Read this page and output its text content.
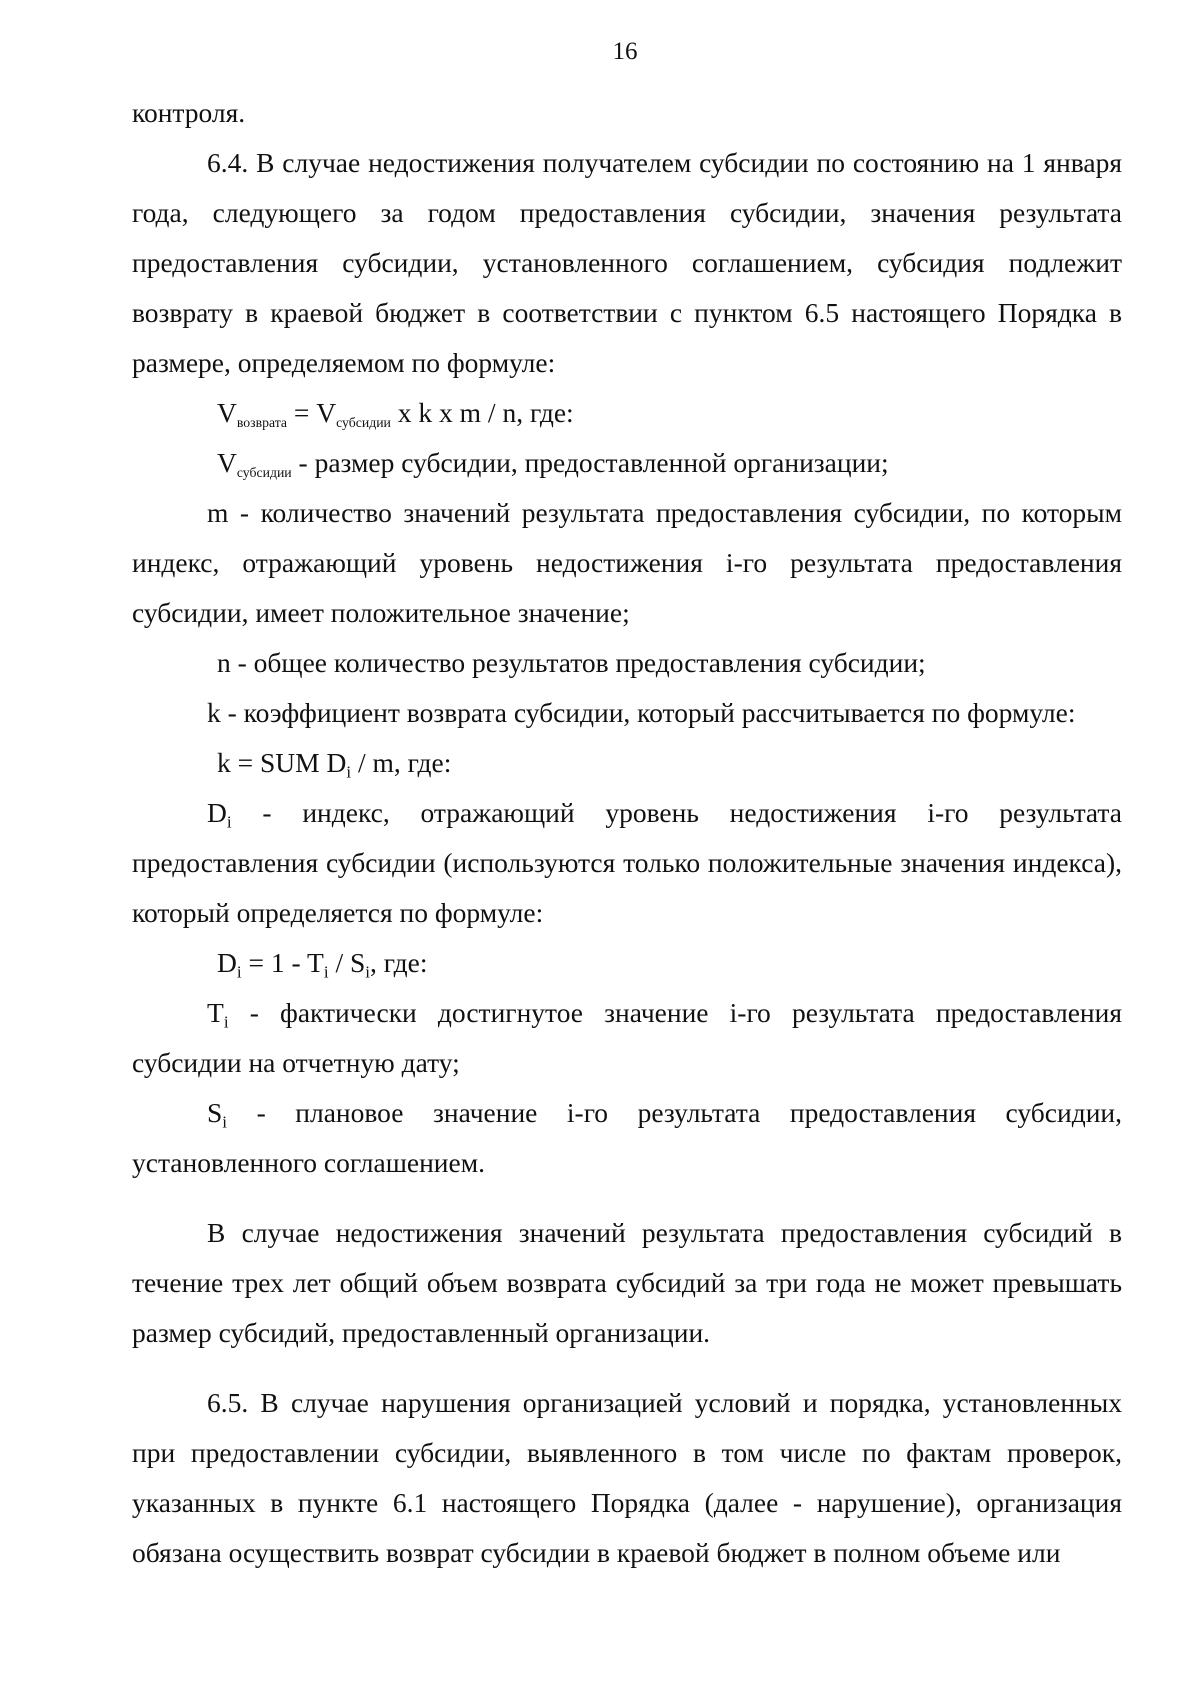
16

контроля.

6.4. В случае недостижения получателем субсидии по состоянию на 1 января года, следующего за годом предоставления субсидии, значения результата предоставления субсидии, установленного соглашением, субсидия подлежит возврату в краевой бюджет в соответствии с пунктом 6.5 настоящего Порядка в размере, определяемом по формуле:

Vвозврата = Vсубсидии x k x m / n, где:

Vсубсидии - размер субсидии, предоставленной организации;

m - количество значений результата предоставления субсидии, по которым индекс, отражающий уровень недостижения i-го результата предоставления субсидии, имеет положительное значение;

n - общее количество результатов предоставления субсидии;

k - коэффициент возврата субсидии, который рассчитывается по формуле:

k = SUM Di / m, где:

Di - индекс, отражающий уровень недостижения i-го результата предоставления субсидии (используются только положительные значения индекса), который определяется по формуле:

Di = 1 - Ti / Si, где:

Ti - фактически достигнутое значение i-го результата предоставления субсидии на отчетную дату;

Si - плановое значение i-го результата предоставления субсидии, установленного соглашением.

В случае недостижения значений результата предоставления субсидий в течение трех лет общий объем возврата субсидий за три года не может превышать размер субсидий, предоставленный организации.

6.5. В случае нарушения организацией условий и порядка, установленных при предоставлении субсидии, выявленного в том числе по фактам проверок, указанных в пункте 6.1 настоящего Порядка (далее - нарушение), организация обязана осуществить возврат субсидии в краевой бюджет в полном объеме или
